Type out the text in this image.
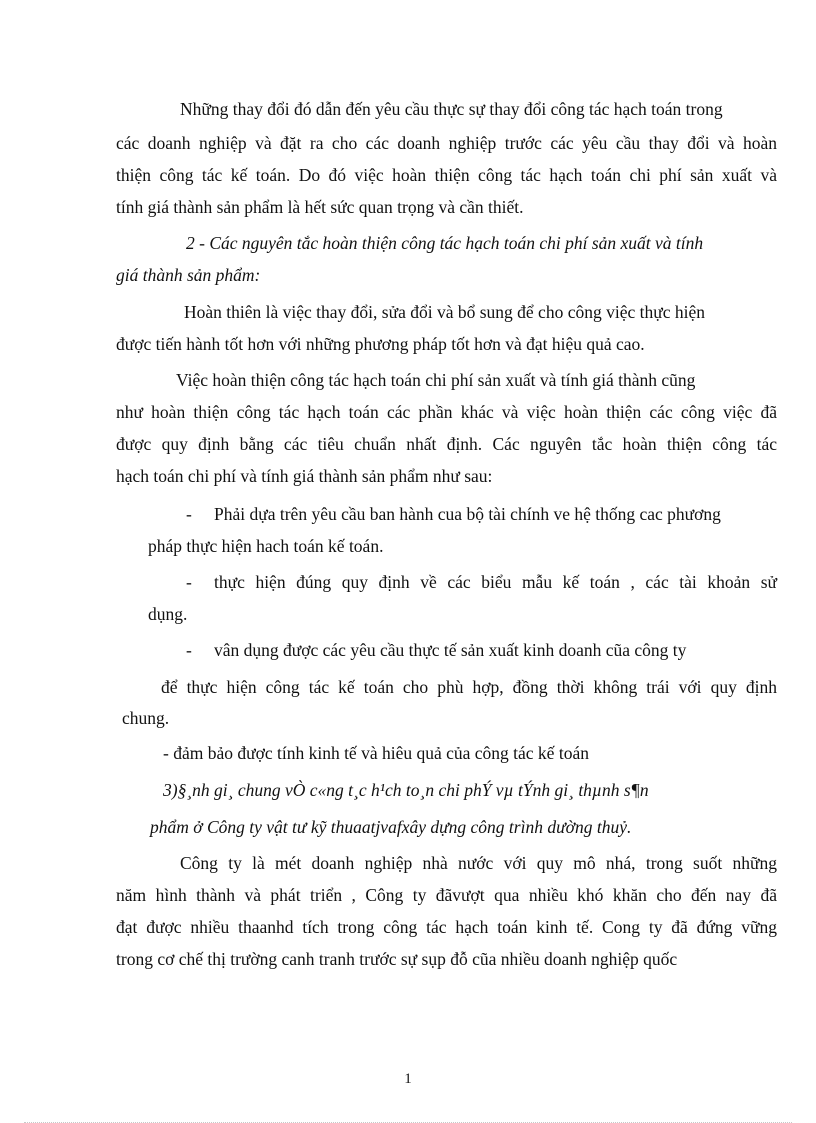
Những thay đổi đó dẫn đến yêu cầu thực sự thay đổi công tác hạch toán trong
các doanh nghiệp và đặt ra cho các doanh nghiệp trước các yêu cầu thay đổi và hoàn
thiện công tác kế toán. Do đó việc hoàn thiện công tác hạch toán chi phí sản xuất và
tính giá thành sản phẩm là hết sức quan trọng và cần thiết.
2 - Các nguyên tắc hoàn thiện công tác hạch toán chi phí sản xuất và tính
giá thành sản phẩm:
Hoàn thiên là việc thay đổi, sửa đổi và bổ sung để cho công việc thực hiện
được tiến hành tốt hơn với những phương pháp tốt hơn và đạt hiệu quả cao.
Việc hoàn thiện công tác hạch toán chi phí sản xuất và tính giá thành cũng
như hoàn thiện công tác hạch toán các phần khác và việc hoàn thiện các công việc đã
được quy định bằng các tiêu chuẩn nhất định. Các nguyên tắc hoàn thiện công tác
hạch toán chi phí và tính giá thành sản phẩm như sau:
- Phải dựa trên yêu cầu ban hành cua bộ tài chính ve hệ thống cac phương
pháp thực hiện hach toán kế toán.
- thực hiện đúng quy định về các biểu mẫu kế toán , các tài khoản sử
dụng.
- vân dụng được các yêu cầu thực tế sản xuất kinh doanh cũa công ty
để thực hiện công tác kế toán cho phù hợp, đồng thời không trái với quy định
chung.
- đảm bảo được tính kinh tế và hiêu quả của công tác kế toán
3)§¸nh gi¸ chung vÒ c«ng t¸c h¹ch to¸n chi phÝ vµ tÝnh gi¸ thµnh s¶n
phẩm ở Công ty vật tư kỹ thuaatjvafxây dựng công trình dường thuỷ.
Công ty là mét doanh nghiệp nhà nước với quy mô nhá, trong suốt những
năm hình thành và phát triển , Công ty đãvượt qua nhiều khó khăn cho đến nay đã
đạt được nhiều thaanhd tích trong công tác hạch toán kinh tế. Cong ty đã đứng vững
trong cơ chế thị trường canh tranh trước sự sụp đỗ cũa nhiều doanh nghiệp quốc
1
